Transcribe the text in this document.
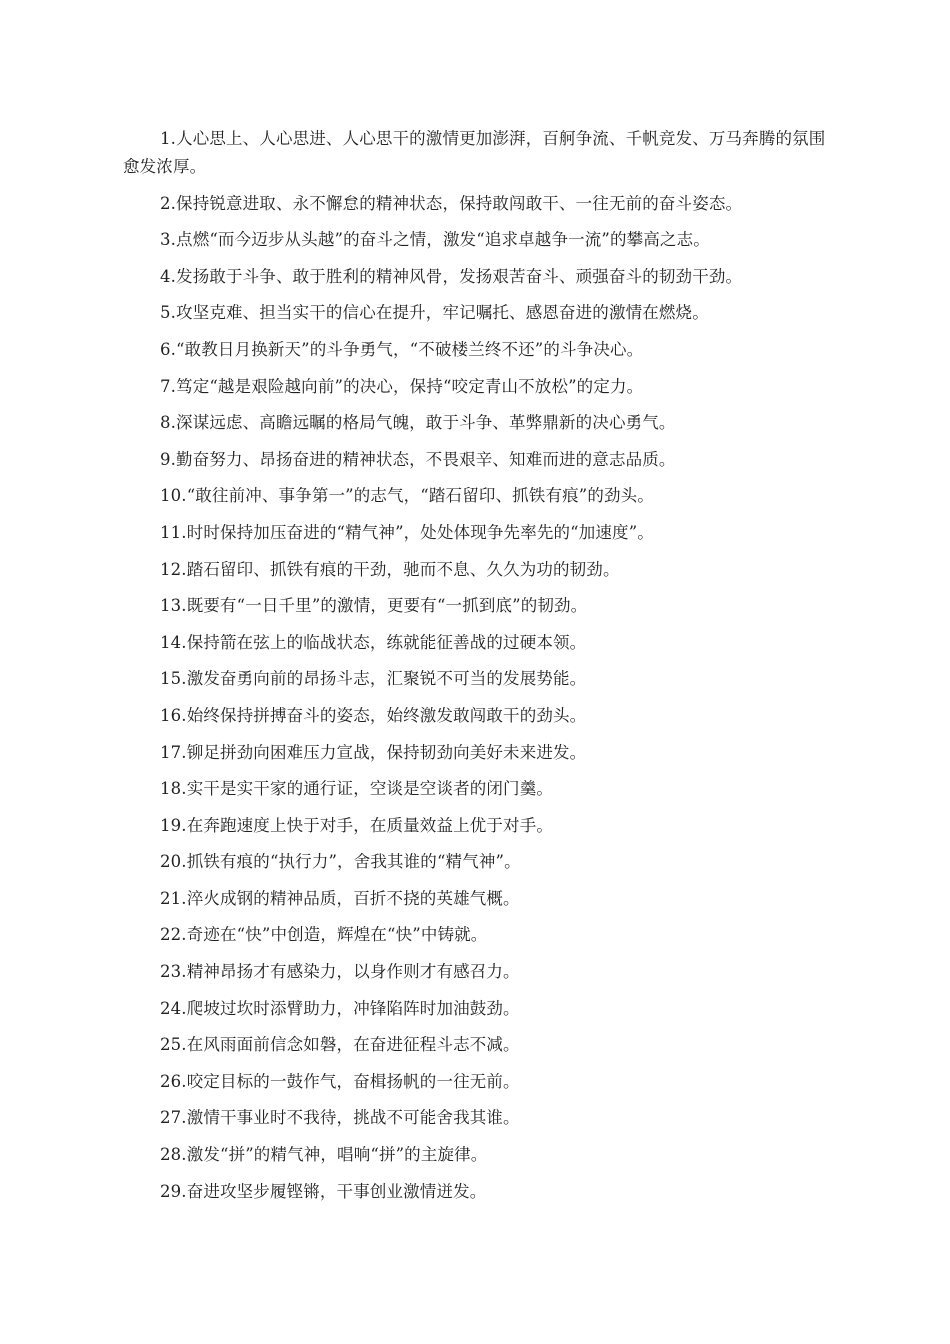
1.人心思上、人心思进、人心思干的激情更加澎湃，百舸争流、千帆竞发、万马奔腾的氛围愈发浓厚。

2.保持锐意进取、永不懈怠的精神状态，保持敢闯敢干、一往无前的奋斗姿态。

3.点燃“而今迈步从头越”的奋斗之情，激发“追求卓越争一流”的攀高之志。

4.发扬敢于斗争、敢于胜利的精神风骨，发扬艰苦奋斗、顽强奋斗的韧劲干劲。

5.攻坚克难、担当实干的信心在提升，牢记嘱托、感恩奋进的激情在燃烧。

6.“敢教日月换新天”的斗争勇气，“不破楼兰终不还”的斗争决心。

7.笃定“越是艰险越向前”的决心，保持“咬定青山不放松”的定力。

8.深谋远虑、高瞻远瞩的格局气魄，敢于斗争、革弊鼎新的决心勇气。

9.勤奋努力、昂扬奋进的精神状态，不畏艰辛、知难而进的意志品质。

10.“敢往前冲、事争第一”的志气，“踏石留印、抓铁有痕”的劲头。

11.时时保持加压奋进的“精气神”，处处体现争先率先的“加速度”。

12.踏石留印、抓铁有痕的干劲，驰而不息、久久为功的韧劲。

13.既要有“一日千里”的激情，更要有“一抓到底”的韧劲。

14.保持箭在弦上的临战状态，练就能征善战的过硬本领。

15.激发奋勇向前的昂扬斗志，汇聚锐不可当的发展势能。

16.始终保持拼搏奋斗的姿态，始终激发敢闯敢干的劲头。

17.铆足拼劲向困难压力宣战，保持韧劲向美好未来进发。

18.实干是实干家的通行证，空谈是空谈者的闭门羹。

19.在奔跑速度上快于对手，在质量效益上优于对手。

20.抓铁有痕的“执行力”，舍我其谁的“精气神”。

21.淬火成钢的精神品质，百折不挠的英雄气概。

22.奇迹在“快”中创造，辉煌在“快”中铸就。

23.精神昂扬才有感染力，以身作则才有感召力。

24.爬坡过坎时添臂助力，冲锋陷阵时加油鼓劲。

25.在风雨面前信念如磐，在奋进征程斗志不减。

26.咬定目标的一鼓作气，奋楫扬帆的一往无前。

27.激情干事业时不我待，挑战不可能舍我其谁。

28.激发“拼”的精气神，唱响“拼”的主旋律。

29.奋进攻坚步履铿锵，干事创业激情迸发。
